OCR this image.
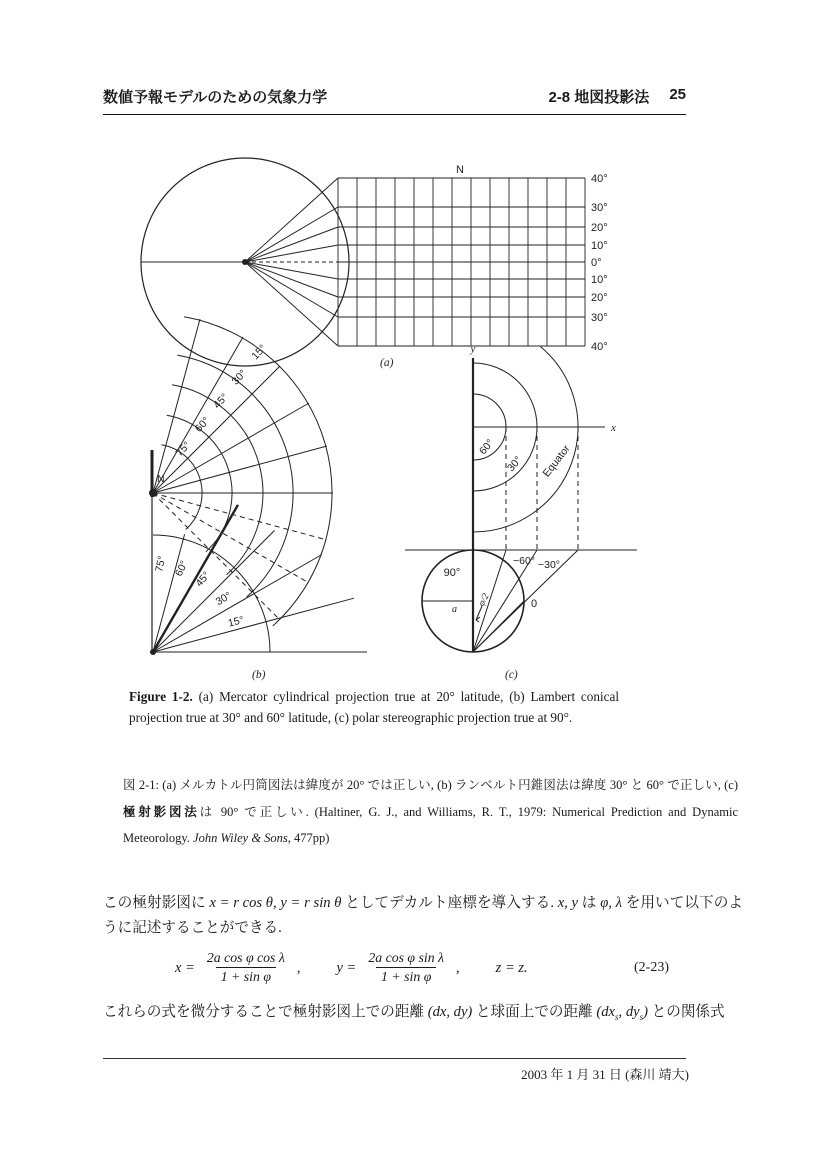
数値予報モデルのための気象力学	2-8 地図投影法 25
40°
30°
20°
10°
0°
10°
20°
30°
40°
N
(a)
N
75°
60°
45°
30°
15°
75° 60°
45°
30°
15°
(b)
y
x
60°
30° Equator
90°
a
φ/2	0
−60° −30°
(c)
Figure 1-2. (a) Mercator cylindrical projection true at 20° latitude, (b) Lambert conical projection true at 30° and 60° latitude, (c) polar stereographic projection true at 90°.
図 2-1: (a) メルカトル円筒図法は緯度が 20° では正しい, (b) ランベルト円錐図法は緯度 30° と 60° で正しい, (c) 極射影図法は 90° で正しい. (Haltiner, G. J., and Williams, R. T., 1979: Numerical Prediction and Dynamic Meteorology. John Wiley & Sons, 477pp)
この極射影図に x = r cos θ, y = r sin θ としてデカルト座標を導入する. x, y は φ, λ を用いて以下のように記述することができる.
$x = \frac{\text{2a cos φ cos λ}}{\text{1 + sin φ}}$ , $y = \frac{\text{2a cos φ sin λ}}{\text{1 + sin φ}}$ , z = z.	(2-23)
これらの式を微分することで極射影図上での距離 (dx, dy) と球面上での距離 ($dx_s$, $dy_s$) との関係式
2003 年 1 月 31 日 (森川 靖大)
